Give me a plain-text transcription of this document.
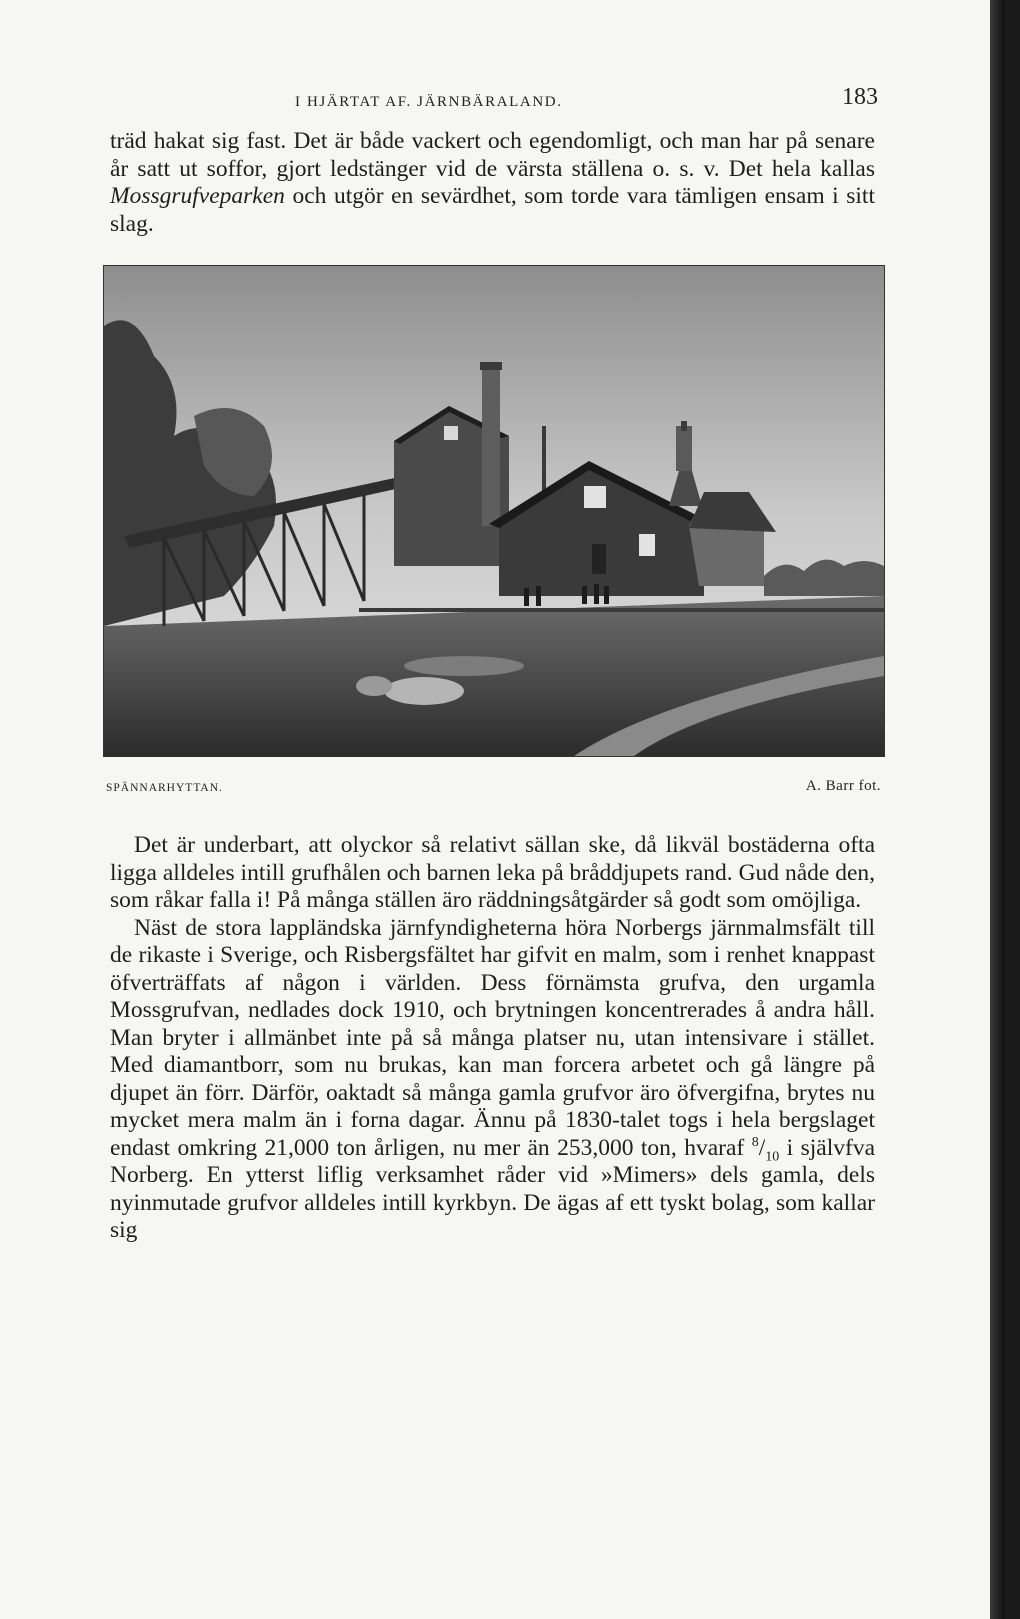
I HJÄRTAT AF. JÄRNBÄRALAND.	183

träd hakat sig fast. Det är både vackert och egendomligt, och man har på senare år satt ut soffor, gjort ledstänger vid de värsta ställena o. s. v. Det hela kallas Mossgrufveparken och utgör en sevärdhet, som torde vara tämligen ensam i sitt slag.

SPÄNNARHYTTAN.	A. Barr fot.

Det är underbart, att olyckor så relativt sällan ske, då likväl bostäderna ofta ligga alldeles intill grufhålen och barnen leka på bråddjupets rand. Gud nåde den, som råkar falla i! På många ställen äro räddningsåtgärder så godt som omöjliga.

Näst de stora lappländska järnfyndigheterna höra Norbergs järnmalmsfält till de rikaste i Sverige, och Risbergsfältet har gifvit en malm, som i renhet knappast öfverträffats af någon i världen. Dess förnämsta grufva, den urgamla Mossgrufvan, nedlades dock 1910, och brytningen koncentrerades å andra håll. Man bryter i allmänbet inte på så många platser nu, utan intensivare i stället. Med diamantborr, som nu brukas, kan man forcera arbetet och gå längre på djupet än förr. Därför, oaktadt så många gamla grufvor äro öfvergifna, brytes nu mycket mera malm än i forna dagar. Ännu på 1830-talet togs i hela bergslaget endast omkring 21,000 ton årligen, nu mer än 253,000 ton, hvaraf $^8/_{10}$ i självfva Norberg. En ytterst liflig verksamhet råder vid »Mimers» dels gamla, dels nyinmutade grufvor alldeles intill kyrkbyn. De ägas af ett tyskt bolag, som kallar sig
